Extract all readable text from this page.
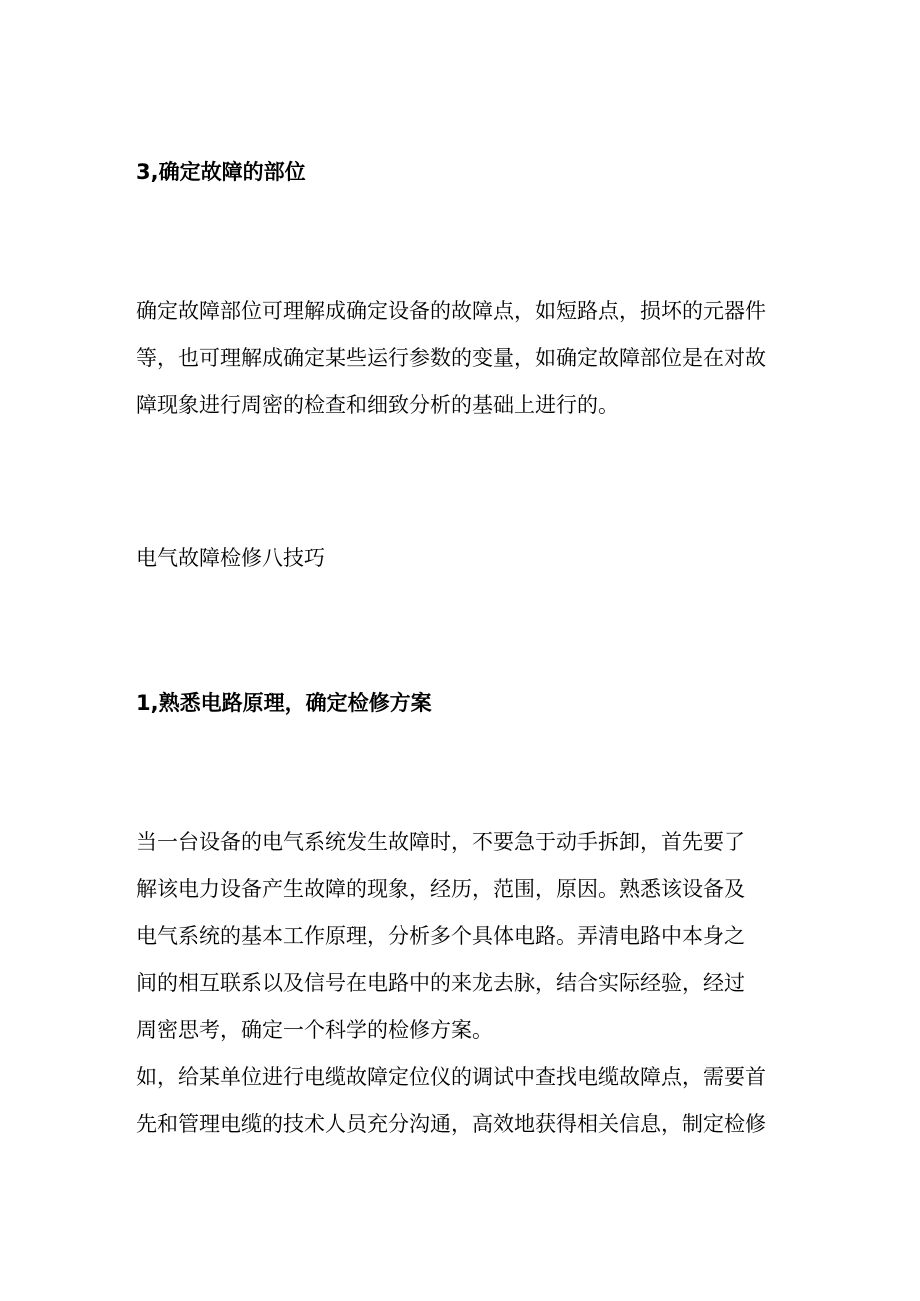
3,确定故障的部位
确定故障部位可理解成确定设备的故障点，如短路点，损坏的元器件
等，也可理解成确定某些运行参数的变量，如确定故障部位是在对故
障现象进行周密的检查和细致分析的基础上进行的。
电气故障检修八技巧
1,熟悉电路原理，确定检修方案
当一台设备的电气系统发生故障时，不要急于动手拆卸，首先要了
解该电力设备产生故障的现象，经历，范围，原因。熟悉该设备及
电气系统的基本工作原理，分析多个具体电路。弄清电路中本身之
间的相互联系以及信号在电路中的来龙去脉，结合实际经验，经过
周密思考，确定一个科学的检修方案。
如，给某单位进行电缆故障定位仪的调试中查找电缆故障点，需要首
先和管理电缆的技术人员充分沟通，高效地获得相关信息，制定检修
